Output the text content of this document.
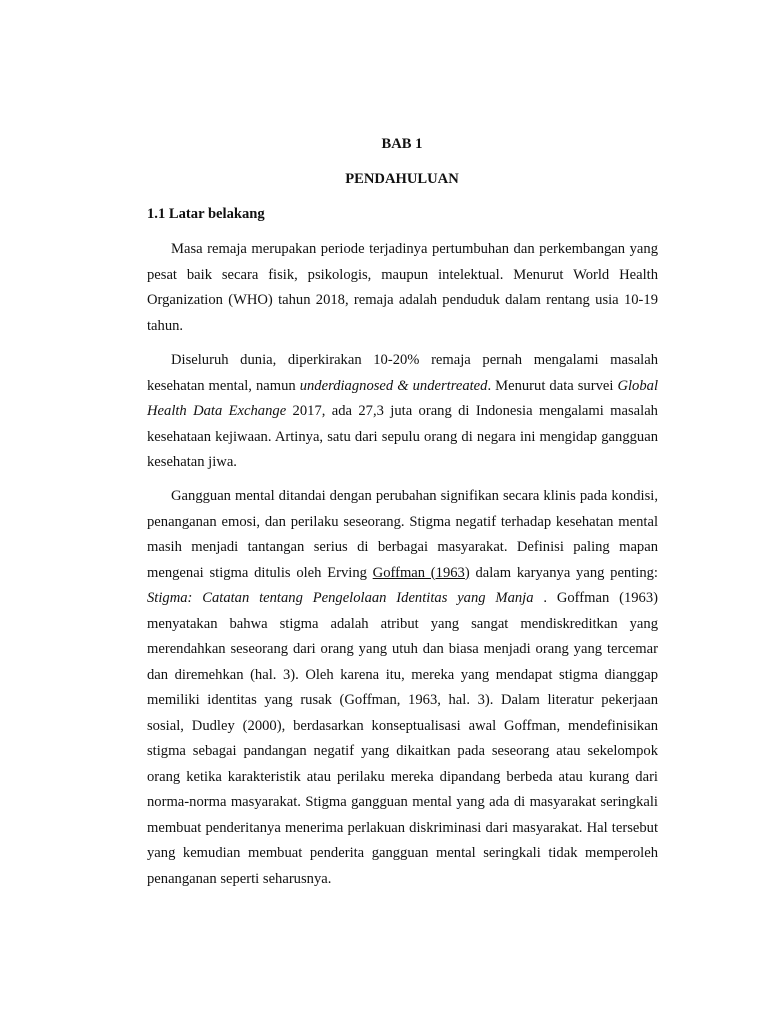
BAB 1
PENDAHULUAN
1.1 Latar belakang

Masa remaja merupakan periode terjadinya pertumbuhan dan perkembangan yang pesat baik secara fisik, psikologis, maupun intelektual. Menurut World Health Organization (WHO) tahun 2018, remaja adalah penduduk dalam rentang usia 10-19 tahun.

Diseluruh dunia, diperkirakan 10-20% remaja pernah mengalami masalah kesehatan mental, namun underdiagnosed & undertreated. Menurut data survei Global Health Data Exchange 2017, ada 27,3 juta orang di Indonesia mengalami masalah kesehataan kejiwaan. Artinya, satu dari sepulu orang di negara ini mengidap gangguan kesehatan jiwa.

Gangguan mental ditandai dengan perubahan signifikan secara klinis pada kondisi, penanganan emosi, dan perilaku seseorang. Stigma negatif terhadap kesehatan mental masih menjadi tantangan serius di berbagai masyarakat. Definisi paling mapan mengenai stigma ditulis oleh Erving Goffman (1963) dalam karyanya yang penting: Stigma: Catatan tentang Pengelolaan Identitas yang Manja . Goffman (1963) menyatakan bahwa stigma adalah atribut yang sangat mendiskreditkan yang merendahkan seseorang dari orang yang utuh dan biasa menjadi orang yang tercemar dan diremehkan (hal. 3). Oleh karena itu, mereka yang mendapat stigma dianggap memiliki identitas yang rusak (Goffman, 1963, hal. 3). Dalam literatur pekerjaan sosial, Dudley (2000), berdasarkan konseptualisasi awal Goffman, mendefinisikan stigma sebagai pandangan negatif yang dikaitkan pada seseorang atau sekelompok orang ketika karakteristik atau perilaku mereka dipandang berbeda atau kurang dari norma-norma masyarakat. Stigma gangguan mental yang ada di masyarakat seringkali membuat penderitanya menerima perlakuan diskriminasi dari masyarakat. Hal tersebut yang kemudian membuat penderita gangguan mental seringkali tidak memperoleh penanganan seperti seharusnya.
